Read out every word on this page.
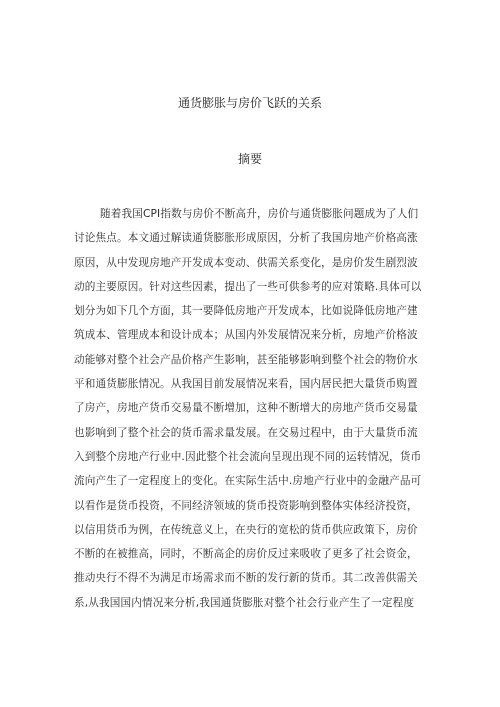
通货膨胀与房价飞跃的关系
摘要
随着我国CPI指数与房价不断高升，房价与通货膨胀问题成为了人们
讨论焦点。本文通过解读通货膨胀形成原因，分析了我国房地产价格高涨
原因，从中发现房地产开发成本变动、供需关系变化，是房价发生剧烈波
动的主要原因。针对这些因素，提出了一些可供参考的应对策略.具体可以
划分为如下几个方面，其一要降低房地产开发成本，比如说降低房地产建
筑成本、管理成本和设计成本；从国内外发展情况来分析，房地产价格波
动能够对整个社会产品价格产生影响，甚至能够影响到整个社会的物价水
平和通货膨胀情况。从我国目前发展情况来看，国内居民把大量货币购置
了房产，房地产货币交易量不断增加，这种不断增大的房地产货币交易量
也影响到了整个社会的货币需求量发展。在交易过程中，由于大量货币流
入到整个房地产行业中.因此整个社会流向呈现出现不同的运转情况，货币
流向产生了一定程度上的变化。在实际生活中.房地产行业中的金融产品可
以看作是货币投资，不同经济领域的货币投资影响到整体实体经济投资，
以信用货币为例，在传统意义上，在央行的宽松的货币供应政策下，房价
不断的在被推高，同时，不断高企的房价反过来吸收了更多了社会资金，
推动央行不得不为满足市场需求而不断的发行新的货币。其二改善供需关
系,从我国国内情况来分析,我国通货膨胀对整个社会行业产生了一定程度
